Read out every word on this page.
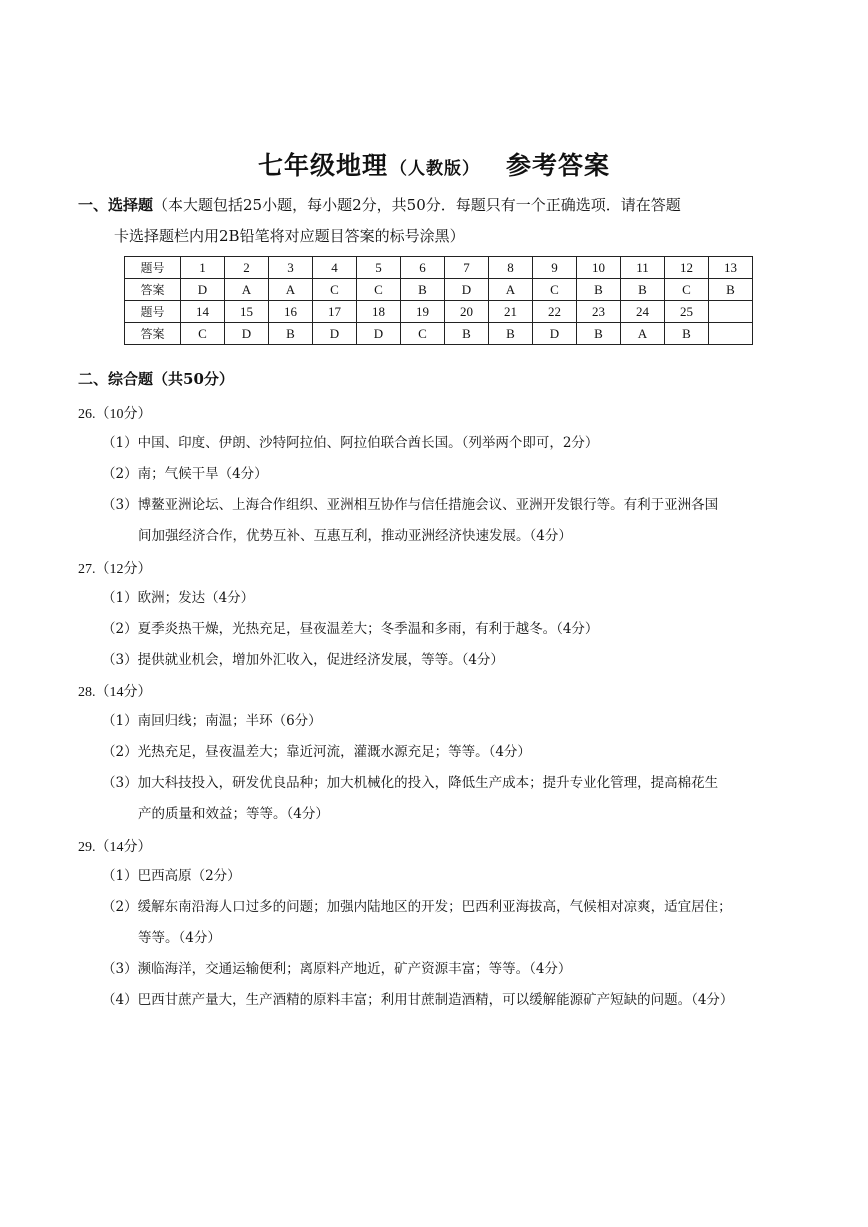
七年级地理 （人教版） 参考答案
一、选择题（本大题包括25小题，每小题2分，共50分．每题只有一个正确选项．请在答题
卡选择题栏内用2B铅笔将对应题目答案的标号涂黑）
题号	1	2	3	4	5	6	7	8	9	10	11	12	13
答案	D	A	A	C	C	B	D	A	C	B	B	C	B
题号	14	15	16	17	18	19	20	21	22	23	24	25	
答案	C	D	B	D	D	C	B	B	D	B	A	B	
二、综合题（共50分）
26.（10分）
（1）中国、印度、伊朗、沙特阿拉伯、阿拉伯联合酋长国。（列举两个即可，2分）
（2）南；气候干旱（4分）
（3）博鳌亚洲论坛、上海合作组织、亚洲相互协作与信任措施会议、亚洲开发银行等。有利于亚洲各国
间加强经济合作，优势互补、互惠互利，推动亚洲经济快速发展。（4分）
27.（12分）
（1）欧洲；发达（4分）
（2）夏季炎热干燥，光热充足，昼夜温差大；冬季温和多雨，有利于越冬。（4分）
（3）提供就业机会，增加外汇收入，促进经济发展，等等。（4分）
28.（14分）
（1）南回归线；南温；半环（6分）
（2）光热充足，昼夜温差大；靠近河流，灌溉水源充足；等等。（4分）
（3）加大科技投入，研发优良品种；加大机械化的投入，降低生产成本；提升专业化管理，提高棉花生
产的质量和效益；等等。（4分）
29.（14分）
（1）巴西高原（2分）
（2）缓解东南沿海人口过多的问题；加强内陆地区的开发；巴西利亚海拔高，气候相对凉爽，适宜居住；
等等。（4分）
（3）濒临海洋，交通运输便利；离原料产地近，矿产资源丰富；等等。（4分）
（4）巴西甘蔗产量大，生产酒精的原料丰富；利用甘蔗制造酒精，可以缓解能源矿产短缺的问题。（4分）
